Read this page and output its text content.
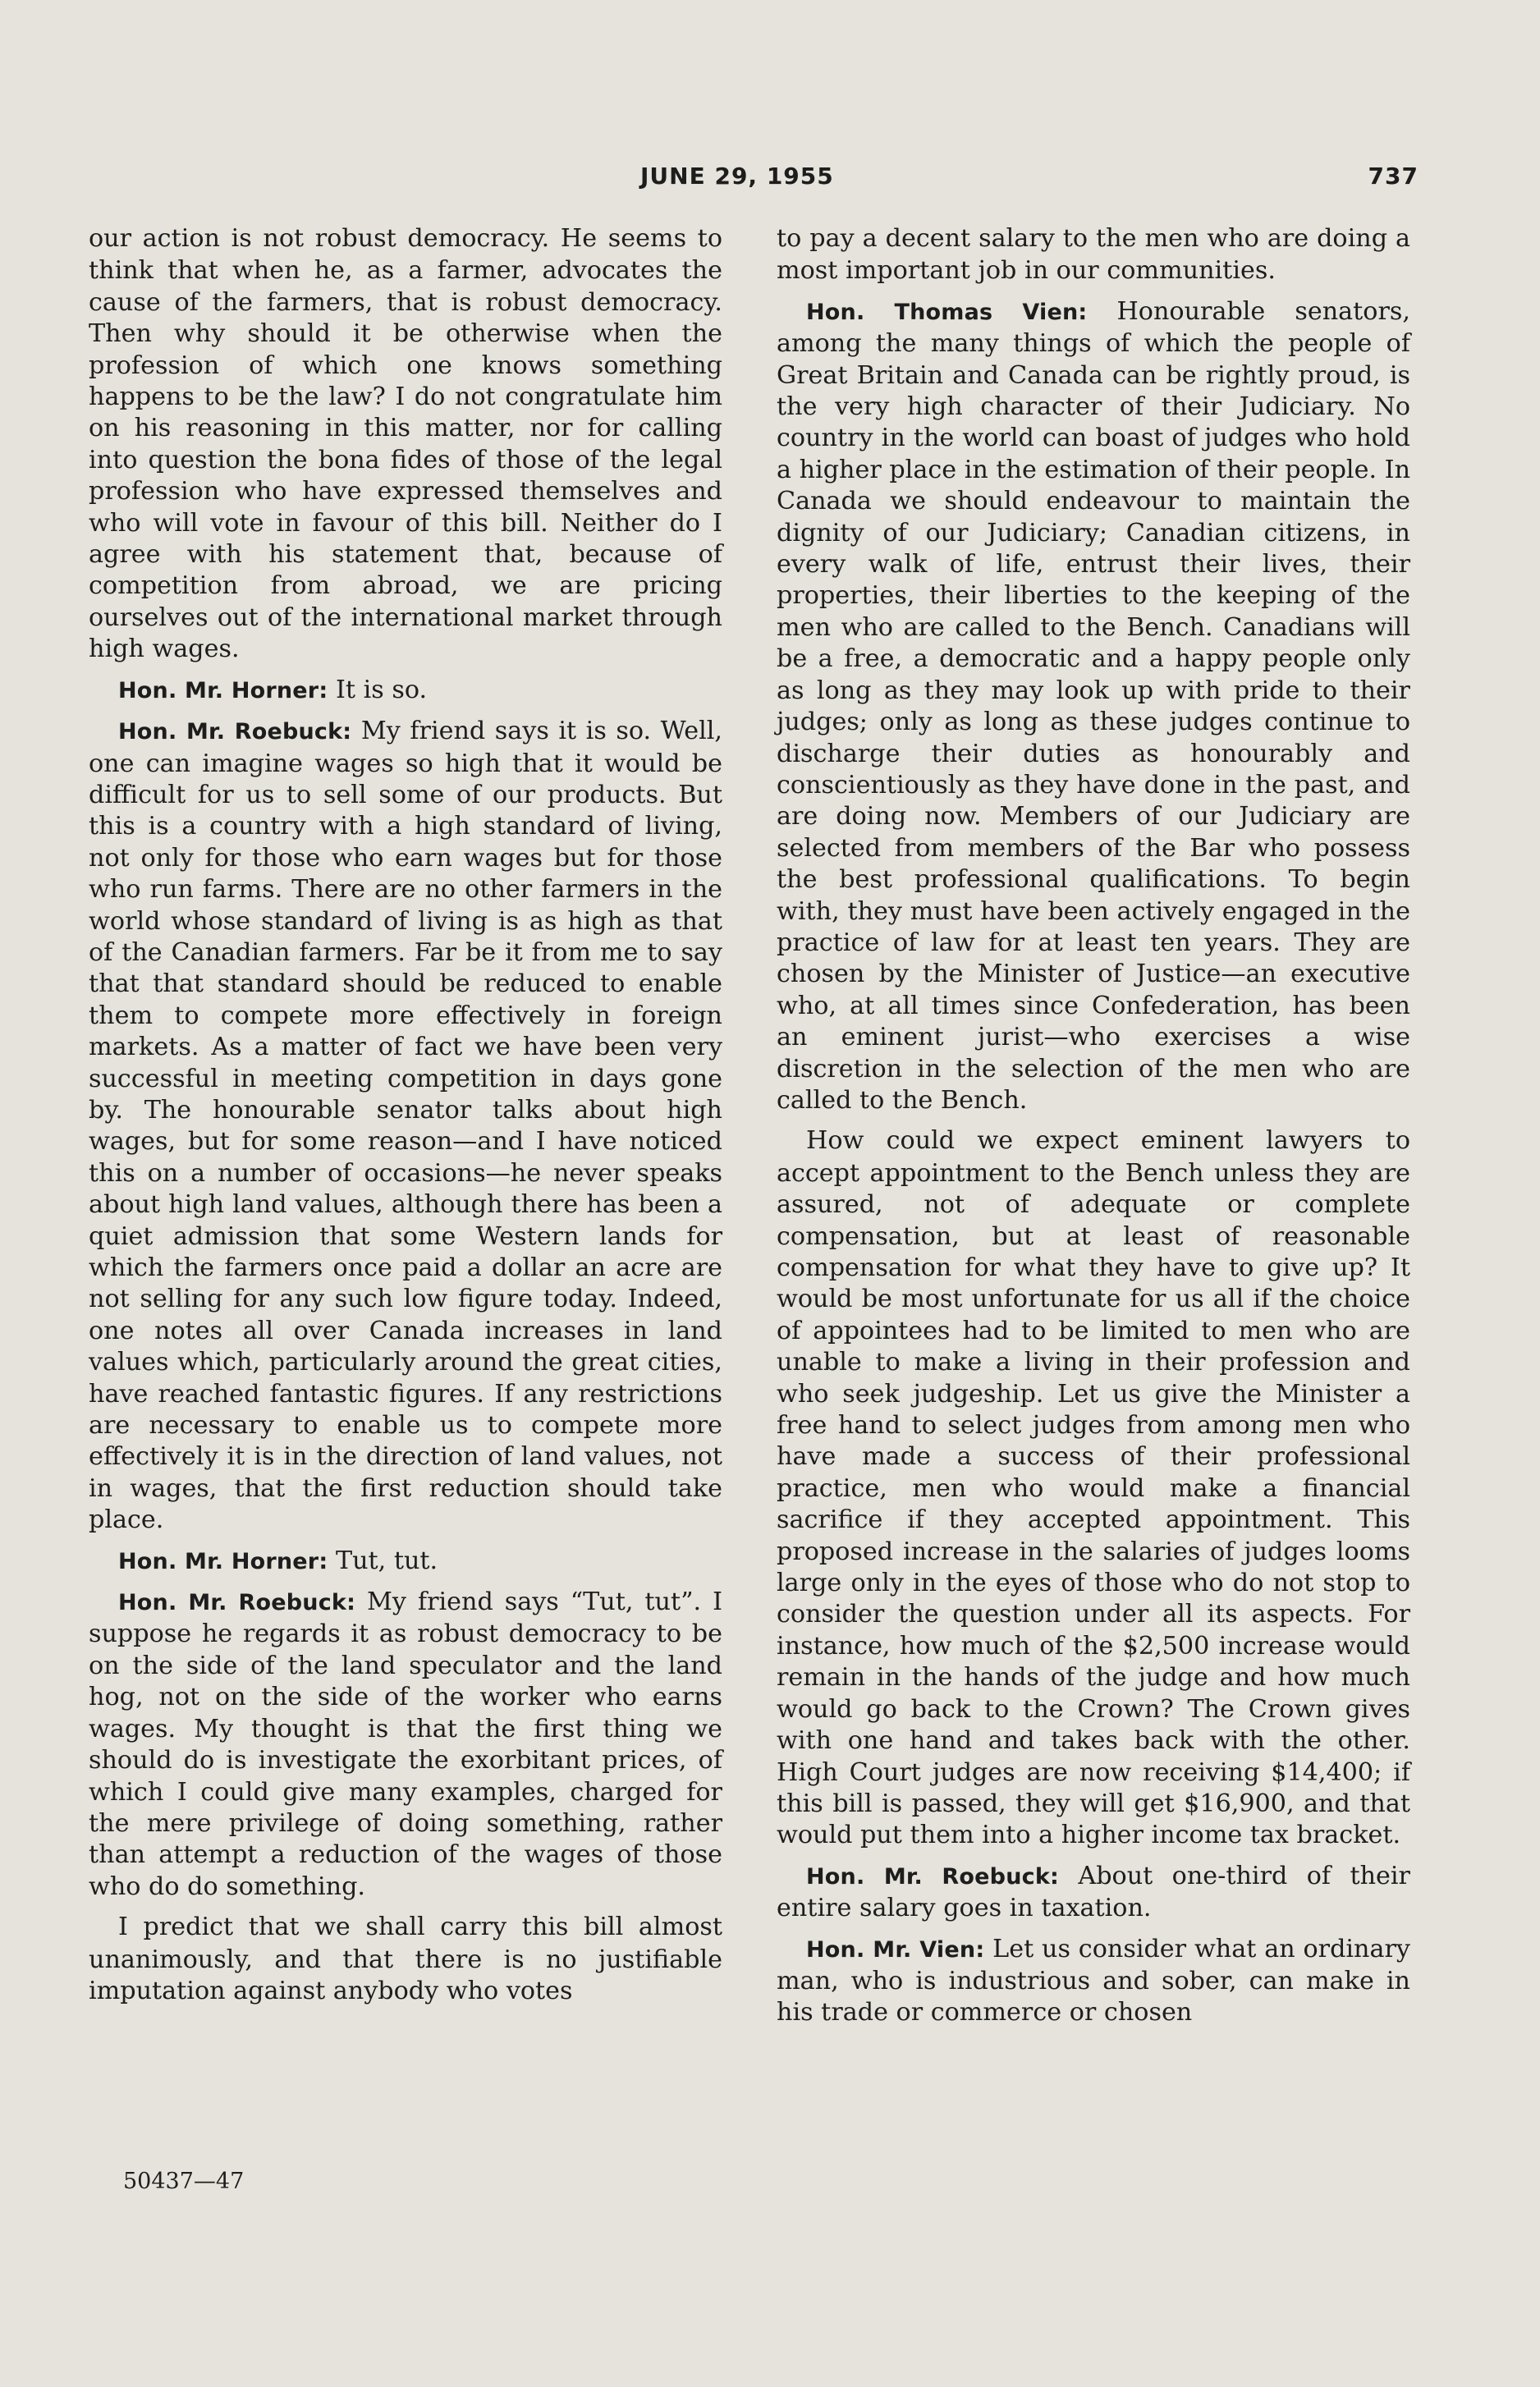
JUNE 29, 1955	737

our action is not robust democracy. He seems to think that when he, as a farmer, advocates the cause of the farmers, that is robust democracy. Then why should it be otherwise when the profession of which one knows something happens to be the law? I do not congratulate him on his reasoning in this matter, nor for calling into question the bona fides of those of the legal profession who have expressed themselves and who will vote in favour of this bill. Neither do I agree with his statement that, because of competition from abroad, we are pricing ourselves out of the international market through high wages.

Hon. Mr. Horner: It is so.

Hon. Mr. Roebuck: My friend says it is so. Well, one can imagine wages so high that it would be difficult for us to sell some of our products. But this is a country with a high standard of living, not only for those who earn wages but for those who run farms. There are no other farmers in the world whose standard of living is as high as that of the Canadian farmers. Far be it from me to say that that standard should be reduced to enable them to compete more effectively in foreign markets. As a matter of fact we have been very successful in meeting competition in days gone by. The honourable senator talks about high wages, but for some reason—and I have noticed this on a number of occasions—he never speaks about high land values, although there has been a quiet admission that some Western lands for which the farmers once paid a dollar an acre are not selling for any such low figure today. Indeed, one notes all over Canada increases in land values which, particularly around the great cities, have reached fantastic figures. If any restrictions are necessary to enable us to compete more effectively it is in the direction of land values, not in wages, that the first reduction should take place.

Hon. Mr. Horner: Tut, tut.

Hon. Mr. Roebuck: My friend says “Tut, tut”. I suppose he regards it as robust democracy to be on the side of the land speculator and the land hog, not on the side of the worker who earns wages. My thought is that the first thing we should do is investigate the exorbitant prices, of which I could give many examples, charged for the mere privilege of doing something, rather than attempt a reduction of the wages of those who do do something.

I predict that we shall carry this bill almost unanimously, and that there is no justifiable imputation against anybody who votes

to pay a decent salary to the men who are doing a most important job in our communities.

Hon. Thomas Vien: Honourable senators, among the many things of which the people of Great Britain and Canada can be rightly proud, is the very high character of their Judiciary. No country in the world can boast of judges who hold a higher place in the estimation of their people. In Canada we should endeavour to maintain the dignity of our Judiciary; Canadian citizens, in every walk of life, entrust their lives, their properties, their liberties to the keeping of the men who are called to the Bench. Canadians will be a free, a democratic and a happy people only as long as they may look up with pride to their judges; only as long as these judges continue to discharge their duties as honourably and conscientiously as they have done in the past, and are doing now. Members of our Judiciary are selected from members of the Bar who possess the best professional qualifications. To begin with, they must have been actively engaged in the practice of law for at least ten years. They are chosen by the Minister of Justice—an executive who, at all times since Confederation, has been an eminent jurist—who exercises a wise discretion in the selection of the men who are called to the Bench.

How could we expect eminent lawyers to accept appointment to the Bench unless they are assured, not of adequate or complete compensation, but at least of reasonable compensation for what they have to give up? It would be most unfortunate for us all if the choice of appointees had to be limited to men who are unable to make a living in their profession and who seek judgeship. Let us give the Minister a free hand to select judges from among men who have made a success of their professional practice, men who would make a financial sacrifice if they accepted appointment. This proposed increase in the salaries of judges looms large only in the eyes of those who do not stop to consider the question under all its aspects. For instance, how much of the $2,500 increase would remain in the hands of the judge and how much would go back to the Crown? The Crown gives with one hand and takes back with the other. High Court judges are now receiving $14,400; if this bill is passed, they will get $16,900, and that would put them into a higher income tax bracket.

Hon. Mr. Roebuck: About one-third of their entire salary goes in taxation.

Hon. Mr. Vien: Let us consider what an ordinary man, who is industrious and sober, can make in his trade or commerce or chosen

50437—47
